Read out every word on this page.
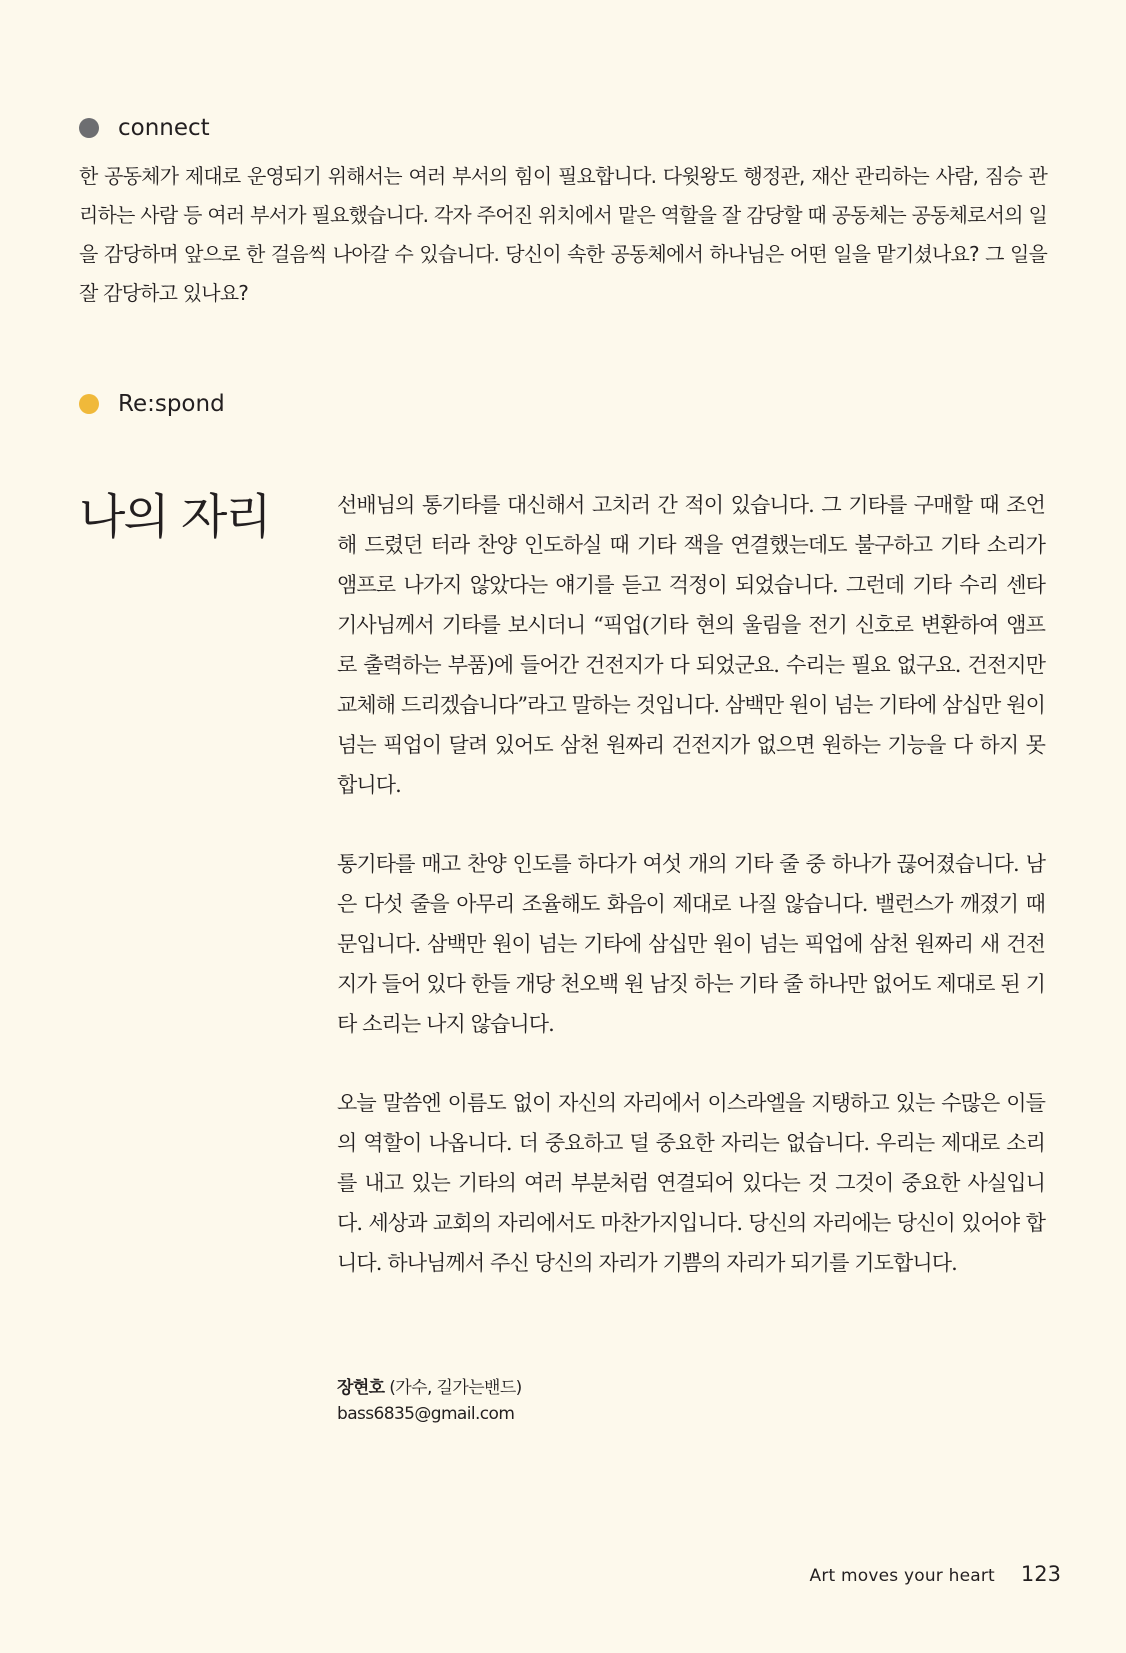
connect

한 공동체가 제대로 운영되기 위해서는 여러 부서의 힘이 필요합니다. 다윗왕도 행정관, 재산 관리하는 사람, 짐승 관리하는 사람 등 여러 부서가 필요했습니다. 각자 주어진 위치에서 맡은 역할을 잘 감당할 때 공동체는 공동체로서의 일을 감당하며 앞으로 한 걸음씩 나아갈 수 있습니다. 당신이 속한 공동체에서 하나님은 어떤 일을 맡기셨나요? 그 일을 잘 감당하고 있나요?

Re:spond
나의 자리	선배님의 통기타를 대신해서 고치러 간 적이 있습니다. 그 기타를 구매할 때 조언해 드렸던 터라 찬양 인도하실 때 기타 잭을 연결했는데도 불구하고 기타 소리가 앰프로 나가지 않았다는 얘기를 듣고 걱정이 되었습니다. 그런데 기타 수리 센타 기사님께서 기타를 보시더니 “픽업(기타 현의 울림을 전기 신호로 변환하여 앰프로 출력하는 부품)에 들어간 건전지가 다 되었군요. 수리는 필요 없구요. 건전지만 교체해 드리겠습니다”라고 말하는 것입니다. 삼백만 원이 넘는 기타에 삼십만 원이 넘는 픽업이 달려 있어도 삼천 원짜리 건전지가 없으면 원하는 기능을 다 하지 못합니다.

통기타를 매고 찬양 인도를 하다가 여섯 개의 기타 줄 중 하나가 끊어졌습니다. 남은 다섯 줄을 아무리 조율해도 화음이 제대로 나질 않습니다. 밸런스가 깨졌기 때문입니다. 삼백만 원이 넘는 기타에 삼십만 원이 넘는 픽업에 삼천 원짜리 새 건전지가 들어 있다 한들 개당 천오백 원 남짓 하는 기타 줄 하나만 없어도 제대로 된 기타 소리는 나지 않습니다.

오늘 말씀엔 이름도 없이 자신의 자리에서 이스라엘을 지탱하고 있는 수많은 이들의 역할이 나옵니다. 더 중요하고 덜 중요한 자리는 없습니다. 우리는 제대로 소리를 내고 있는 기타의 여러 부분처럼 연결되어 있다는 것 그것이 중요한 사실입니다. 세상과 교회의 자리에서도 마찬가지입니다. 당신의 자리에는 당신이 있어야 합니다. 하나님께서 주신 당신의 자리가 기쁨의 자리가 되기를 기도합니다.

장현호 (가수, 길가는밴드)
bass6835@gmail.com
Art moves your heart 123
